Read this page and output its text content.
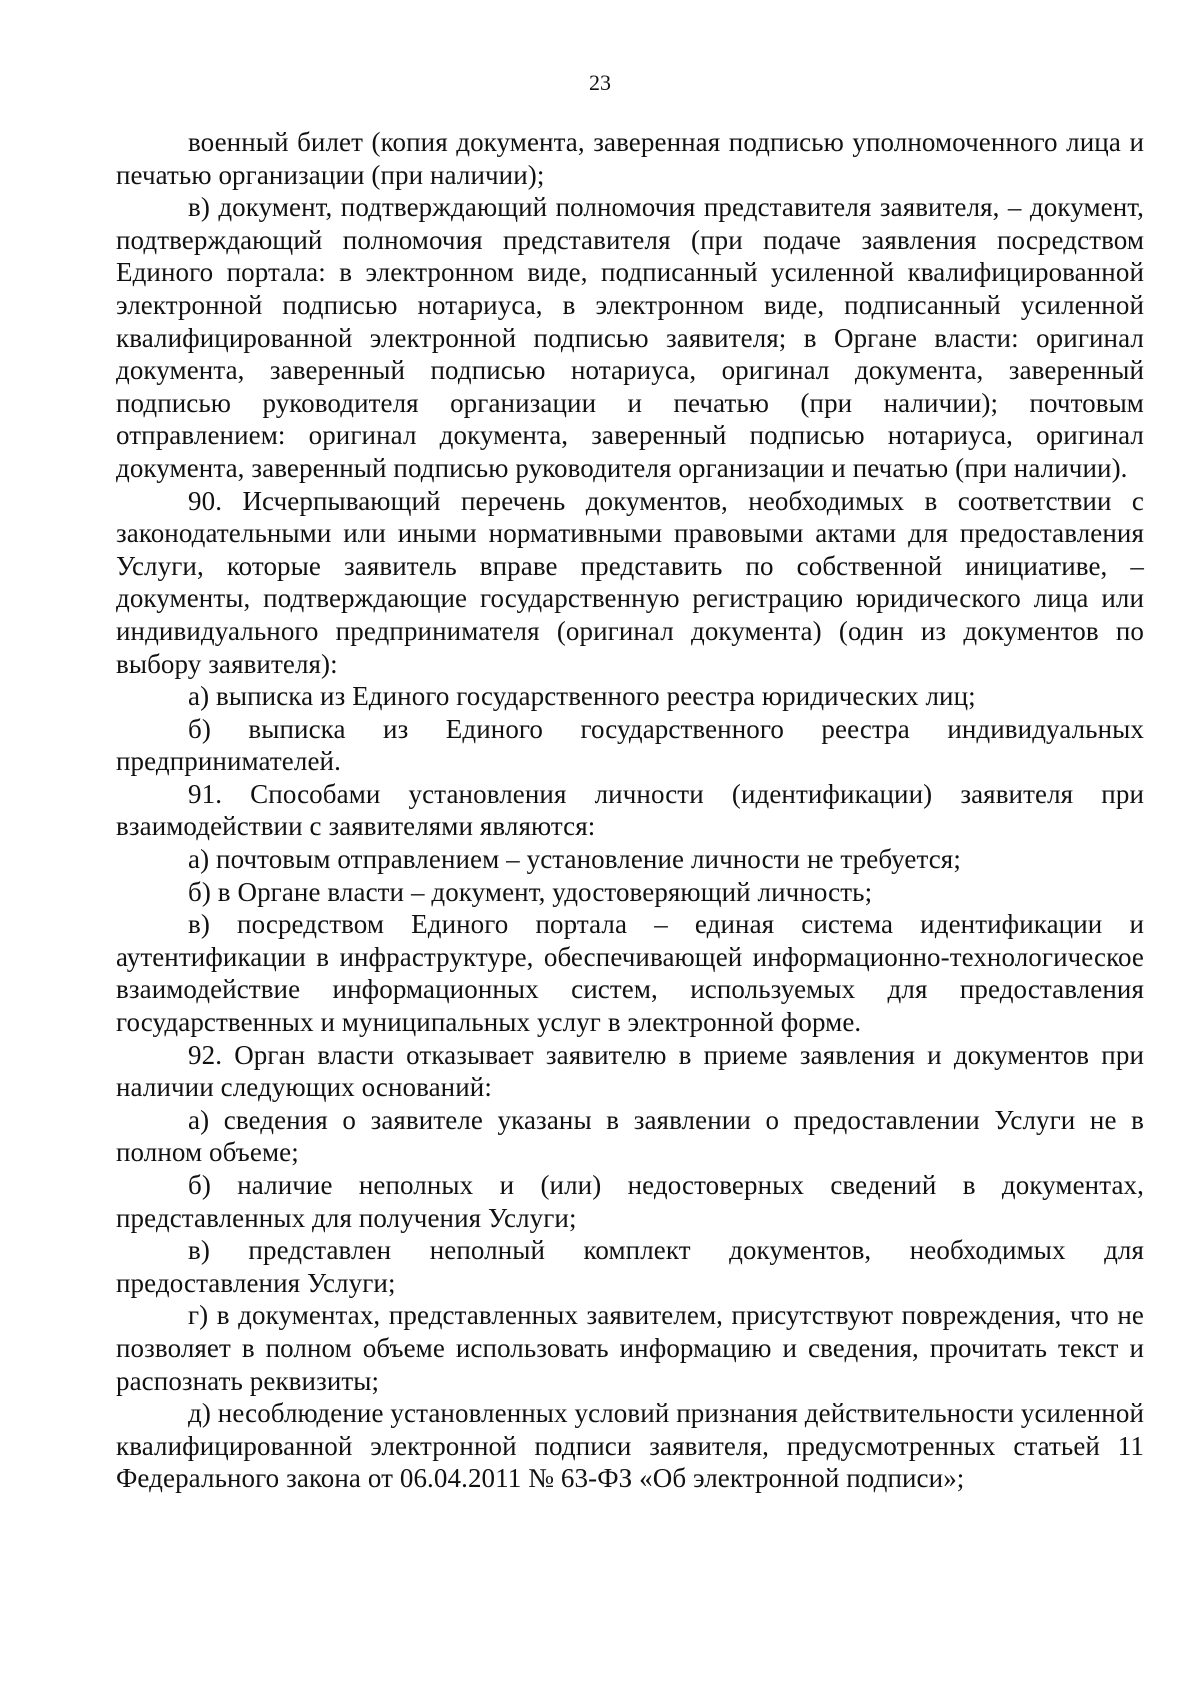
23

военный билет (копия документа, заверенная подписью уполномоченного лица и печатью организации (при наличии);

в) документ, подтверждающий полномочия представителя заявителя, – документ, подтверждающий полномочия представителя (при подаче заявления посредством Единого портала: в электронном виде, подписанный усиленной квалифицированной электронной подписью нотариуса, в электронном виде, подписанный усиленной квалифицированной электронной подписью заявителя; в Органе власти: оригинал документа, заверенный подписью нотариуса, оригинал документа, заверенный подписью руководителя организации и печатью (при наличии); почтовым отправлением: оригинал документа, заверенный подписью нотариуса, оригинал документа, заверенный подписью руководителя организации и печатью (при наличии).

90. Исчерпывающий перечень документов, необходимых в соответствии с законодательными или иными нормативными правовыми актами для предоставления Услуги, которые заявитель вправе представить по собственной инициативе, – документы, подтверждающие государственную регистрацию юридического лица или индивидуального предпринимателя (оригинал документа) (один из документов по выбору заявителя):

а) выписка из Единого государственного реестра юридических лиц;

б) выписка из Единого государственного реестра индивидуальных предпринимателей.

91. Способами установления личности (идентификации) заявителя при взаимодействии с заявителями являются:

а) почтовым отправлением – установление личности не требуется;

б) в Органе власти – документ, удостоверяющий личность;

в) посредством Единого портала – единая система идентификации и аутентификации в инфраструктуре, обеспечивающей информационно-технологическое взаимодействие информационных систем, используемых для предоставления государственных и муниципальных услуг в электронной форме.

92. Орган власти отказывает заявителю в приеме заявления и документов при наличии следующих оснований:

а) сведения о заявителе указаны в заявлении о предоставлении Услуги не в полном объеме;

б) наличие неполных и (или) недостоверных сведений в документах, представленных для получения Услуги;

в) представлен неполный комплект документов, необходимых для предоставления Услуги;

г) в документах, представленных заявителем, присутствуют повреждения, что не позволяет в полном объеме использовать информацию и сведения, прочитать текст и распознать реквизиты;

д) несоблюдение установленных условий признания действительности усиленной квалифицированной электронной подписи заявителя, предусмотренных статьей 11 Федерального закона от 06.04.2011 № 63-ФЗ «Об электронной подписи»;
